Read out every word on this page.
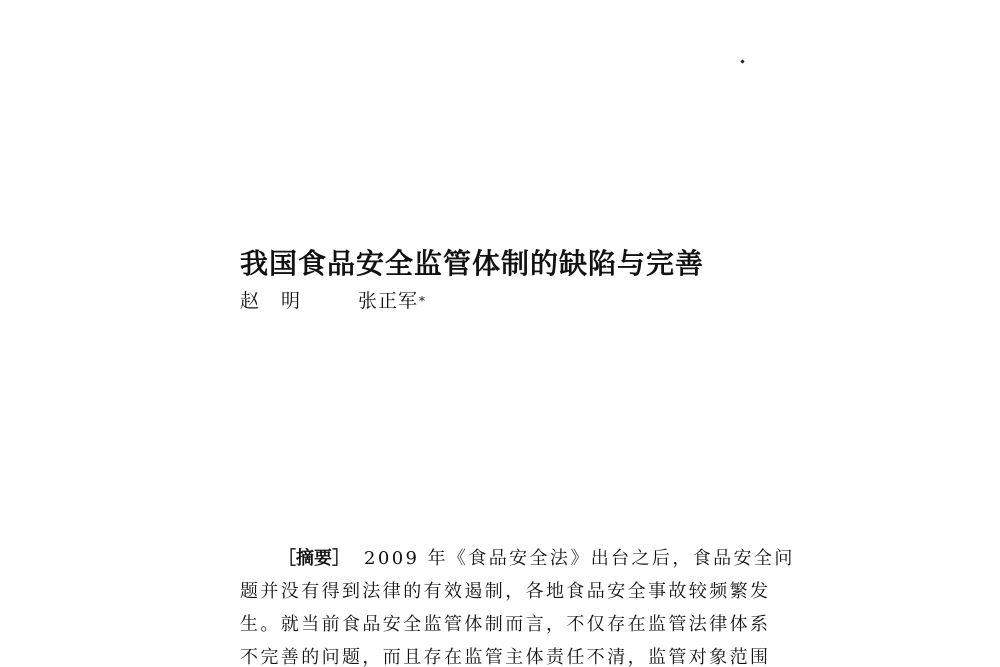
我国食品安全监管体制的缺陷与完善
赵明 张正军*
［摘要］ 2009 年《食品安全法》出台之后，食品安全问
题并没有得到法律的有效遏制，各地食品安全事故较频繁发
生。就当前食品安全监管体制而言，不仅存在监管法律体系
不完善的问题，而且存在监管主体责任不清，监管对象范围
